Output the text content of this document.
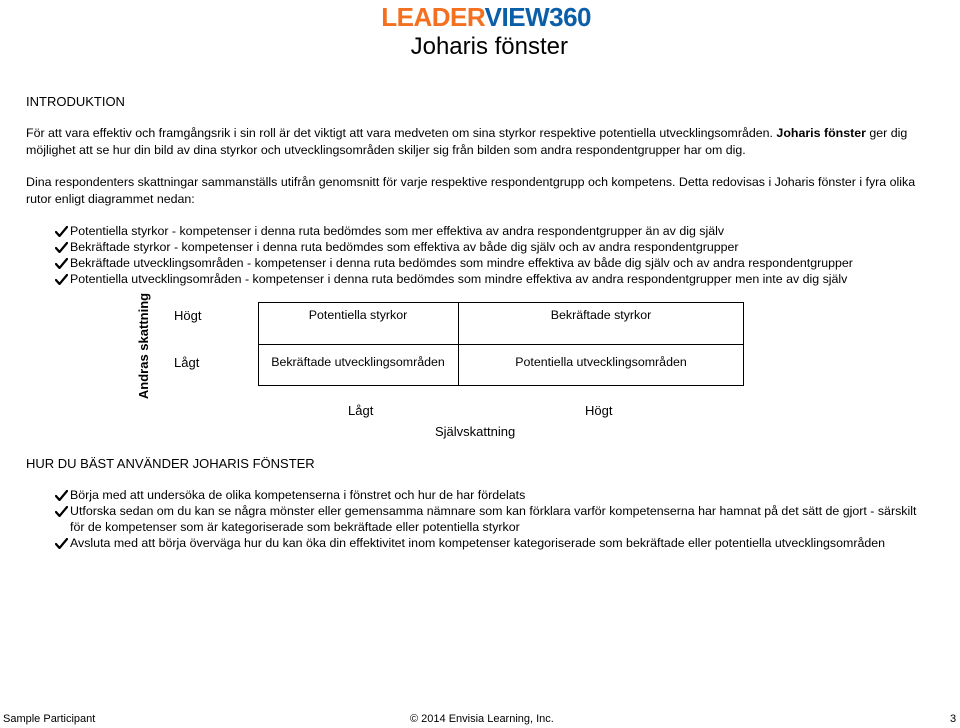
LEADERVIEW360
Joharis fönster
INTRODUKTION
För att vara effektiv och framgångsrik i sin roll är det viktigt att vara medveten om sina styrkor respektive potentiella utvecklingsområden. Joharis fönster ger dig möjlighet att se hur din bild av dina styrkor och utvecklingsområden skiljer sig från bilden som andra respondentgrupper har om dig.
Dina respondenters skattningar sammanställs utifrån genomsnitt för varje respektive respondentgrupp och kompetens. Detta redovisas i Joharis fönster i fyra olika rutor enligt diagrammet nedan:
Potentiella styrkor - kompetenser i denna ruta bedömdes som mer effektiva av andra respondentgrupper än av dig själv
Bekräftade styrkor - kompetenser i denna ruta bedömdes som effektiva av både dig själv och av andra respondentgrupper
Bekräftade utvecklingsområden - kompetenser i denna ruta bedömdes som mindre effektiva av både dig själv och av andra respondentgrupper
Potentiella utvecklingsområden - kompetenser i denna ruta bedömdes som mindre effektiva av andra respondentgrupper men inte av dig själv
Andras skattning Högt
Lågt
Potentiella styrkor	Bekräftade styrkor
Bekräftade utvecklingsområden	Potentiella utvecklingsområden
Lågt	Högt
Självskattning
HUR DU BÄST ANVÄNDER JOHARIS FÖNSTER
Börja med att undersöka de olika kompetenserna i fönstret och hur de har fördelats
Utforska sedan om du kan se några mönster eller gemensamma nämnare som kan förklara varför kompetenserna har hamnat på det sätt de gjort - särskilt för de kompetenser som är kategoriserade som bekräftade eller potentiella styrkor
Avsluta med att börja överväga hur du kan öka din effektivitet inom kompetenser kategoriserade som bekräftade eller potentiella utvecklingsområden
Sample Participant	© 2014 Envisia Learning, Inc.	3
